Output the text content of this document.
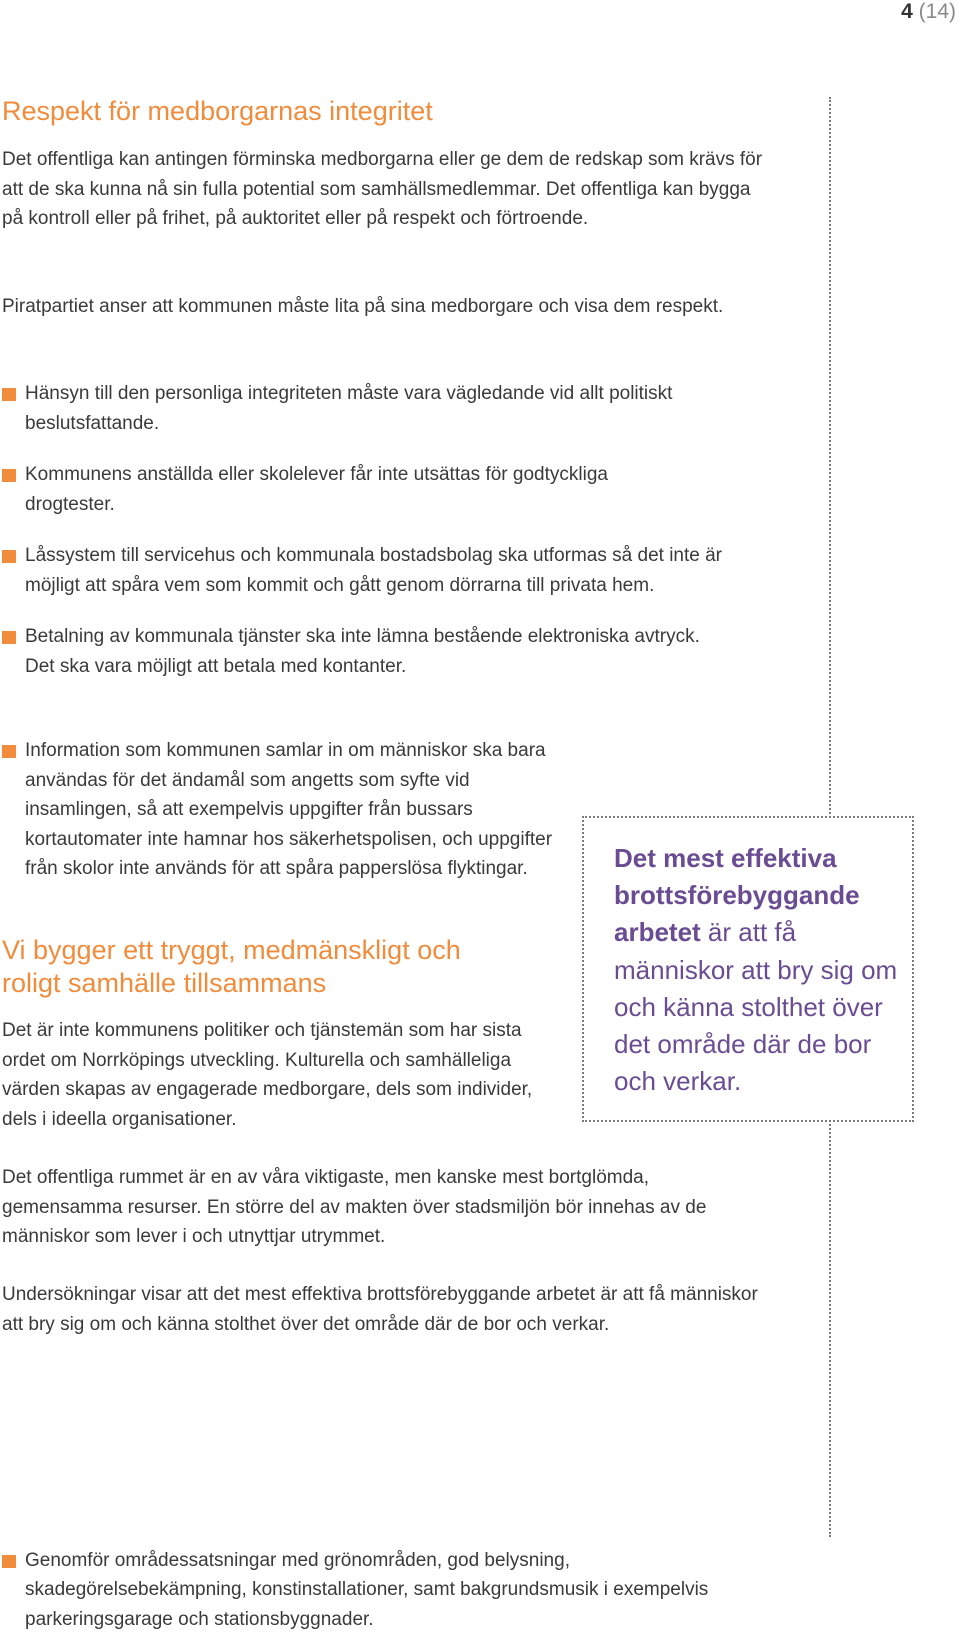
4 (14)
Respekt för medborgarnas integritet

Det offentliga kan antingen förminska medborgarna eller ge dem de redskap som krävs för att de ska kunna nå sin fulla potential som samhällsmedlemmar. Det offentliga kan bygga på kontroll eller på frihet, på auktoritet eller på respekt och förtroende.

Piratpartiet anser att kommunen måste lita på sina medborgare och visa dem respekt.

Hänsyn till den personliga integriteten måste vara vägledande vid allt politiskt beslutsfattande.
Kommunens anställda eller skolelever får inte utsättas för godtyckliga drogtester.
Låssystem till servicehus och kommunala bostadsbolag ska utformas så det inte är möjligt att spåra vem som kommit och gått genom dörrarna till privata hem.
Betalning av kommunala tjänster ska inte lämna bestående elektroniska avtryck. Det ska vara möjligt att betala med kontanter.
Information som kommunen samlar in om människor ska bara användas för det ändamål som angetts som syfte vid insamlingen, så att exempelvis uppgifter från bussars kortautomater inte hamnar hos säkerhetspolisen, och uppgifter från skolor inte används för att spåra papperslösa flyktingar.
Vi bygger ett tryggt, medmänskligt och roligt samhälle tillsammans

Det är inte kommunens politiker och tjänstemän som har sista ordet om Norrköpings utveckling. Kulturella och samhälleliga värden skapas av engagerade medborgare, dels som individer, dels i ideella organisationer.

Det offentliga rummet är en av våra viktigaste, men kanske mest bortglömda, gemensamma resurser. En större del av makten över stadsmiljön bör innehas av de människor som lever i och utnyttjar utrymmet.

Undersökningar visar att det mest effektiva brottsförebyggande arbetet är att få människor att bry sig om och känna stolthet över det område där de bor och verkar.

Genomför områdessatsningar med grönområden, god belysning, skadegörelsebekämpning, konstinstallationer, samt bakgrundsmusik i exempelvis parkeringsgarage och stationsbyggnader.
Det mest effektiva brottsförebyggande arbetet är att få människor att bry sig om och känna stolthet över det område där de bor och verkar.
